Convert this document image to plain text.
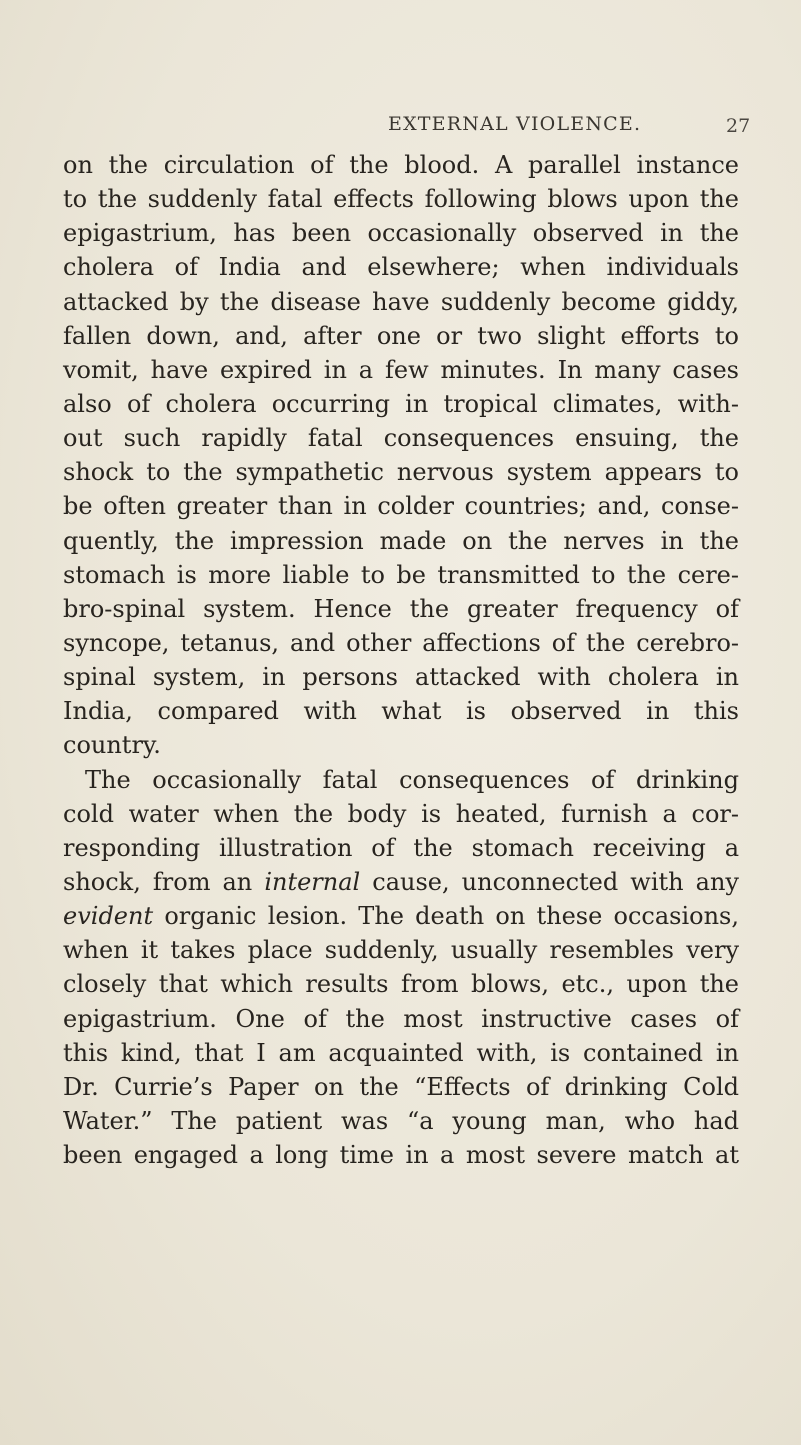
EXTERNAL VIOLENCE.	27
on the circulation of the blood. A parallel instance
to the suddenly fatal effects following blows upon the
epigastrium, has been occasionally observed in the
cholera of India and elsewhere; when individuals
attacked by the disease have suddenly become giddy,
fallen down, and, after one or two slight efforts to
vomit, have expired in a few minutes. In many cases
also of cholera occurring in tropical climates, with-
out such rapidly fatal consequences ensuing, the
shock to the sympathetic nervous system appears to
be often greater than in colder countries; and, conse-
quently, the impression made on the nerves in the
stomach is more liable to be transmitted to the cere-
bro-spinal system. Hence the greater frequency of
syncope, tetanus, and other affections of the cerebro-
spinal system, in persons attacked with cholera in
India, compared with what is observed in this
country.
The occasionally fatal consequences of drinking
cold water when the body is heated, furnish a cor-
responding illustration of the stomach receiving a
shock, from an internal cause, unconnected with any
evident organic lesion. The death on these occasions,
when it takes place suddenly, usually resembles very
closely that which results from blows, etc., upon the
epigastrium. One of the most instructive cases of
this kind, that I am acquainted with, is contained in
Dr. Currie’s Paper on the “Effects of drinking Cold
Water.” The patient was “a young man, who had
been engaged a long time in a most severe match at
